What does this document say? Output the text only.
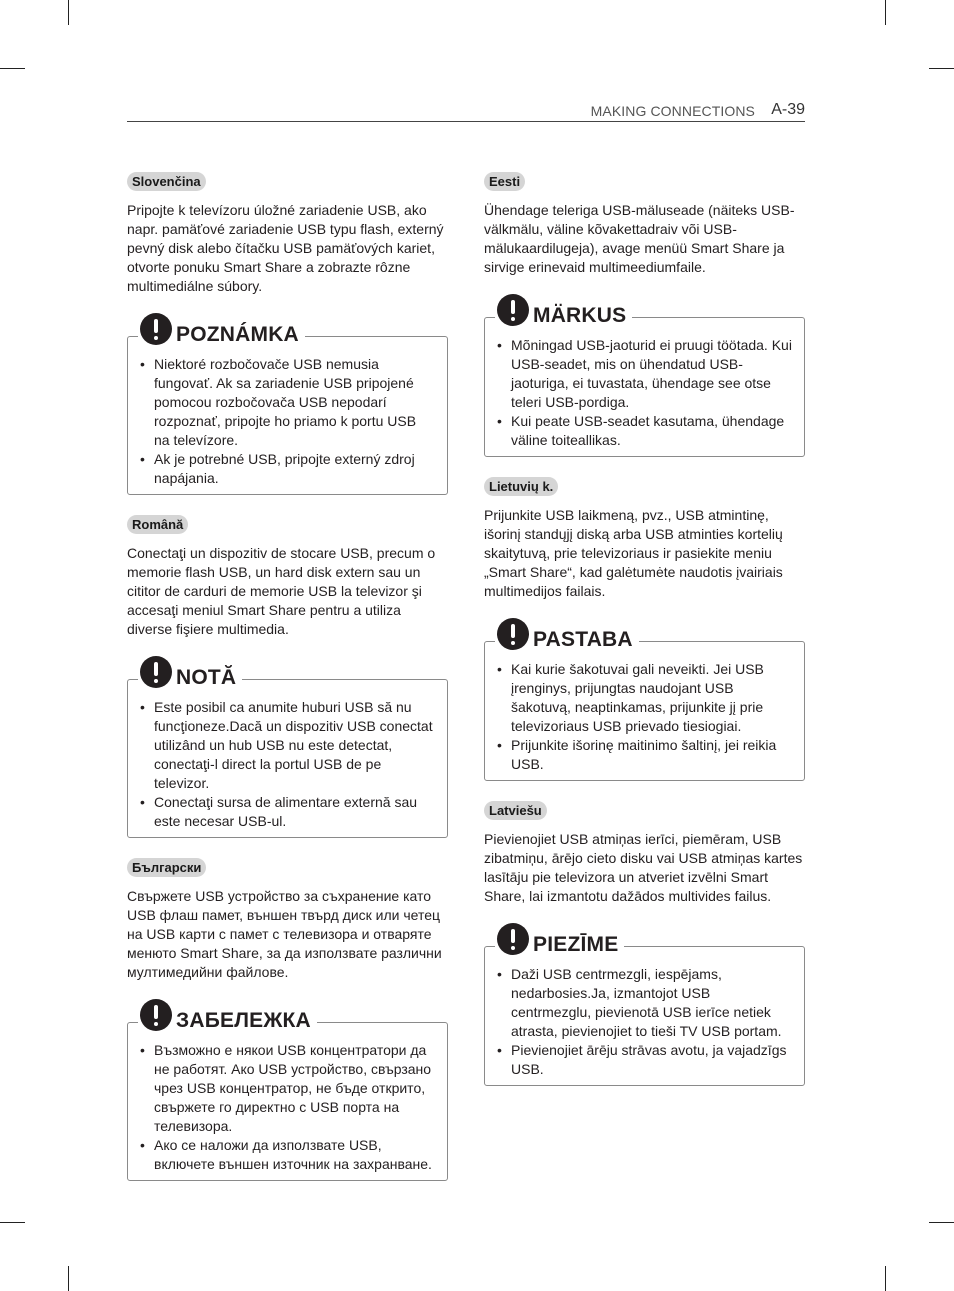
MAKING CONNECTIONS A-39
Slovenčina

Pripojte k televízoru úložné zariadenie USB, ako napr. pamäťové zariadenie USB typu flash, externý pevný disk alebo čítačku USB pamäťových kariet, otvorte ponuku Smart Share a zobrazte rôzne multimediálne súbory.

POZNÁMKA
• Niektoré rozbočovače USB nemusia fungovať. Ak sa zariadenie USB pripojené pomocou rozbočovača USB nepodarí rozpoznať, pripojte ho priamo k portu USB na televízore.
• Ak je potrebné USB, pripojte externý zdroj napájania.
Română

Conectaţi un dispozitiv de stocare USB, precum o memorie flash USB, un hard disk extern sau un cititor de carduri de memorie USB la televizor şi accesaţi meniul Smart Share pentru a utiliza diverse fişiere multimedia.

NOTĂ
• Este posibil ca anumite huburi USB să nu funcţioneze.Dacă un dispozitiv USB conectat utilizând un hub USB nu este detectat, conectaţi-l direct la portul USB de pe televizor.
• Conectaţi sursa de alimentare externă sau este necesar USB-ul.
Български

Свържете USB устройство за съхранение като USB флаш памет, външен твърд диск или четец на USB карти с памет с телевизора и отваряте менюто Smart Share, за да използвате различни мултимедийни файлове.

ЗАБЕЛЕЖКА
• Възможно е някои USB концентратори да не работят. Ако USB устройство, свързано чрез USB концентратор, не бъде открито, свържете го директно с USB порта на телевизора.
• Ако се наложи да използвате USB, включете външен източник на захранване.
Eesti

Ühendage teleriga USB-mäluseade (näiteks USB-välkmälu, väline kõvakettadraiv või USB-mälukaardilugeja), avage menüü Smart Share ja sirvige erinevaid multimeediumfaile.

MÄRKUS
• Mõningad USB-jaoturid ei pruugi töötada. Kui USB-seadet, mis on ühendatud USB-jaoturiga, ei tuvastata, ühendage see otse teleri USB-pordiga.
• Kui peate USB-seadet kasutama, ühendage väline toiteallikas.
Lietuvių k.

Prijunkite USB laikmeną, pvz., USB atmintinę, išorinį standųjį diską arba USB atminties kortelių skaitytuvą, prie televizoriaus ir pasiekite meniu „Smart Share“, kad galėtumėte naudotis įvairiais multimedijos failais.

PASTABA
• Kai kurie šakotuvai gali neveikti. Jei USB įrenginys, prijungtas naudojant USB šakotuvą, neaptinkamas, prijunkite jį prie televizoriaus USB prievado tiesiogiai.
• Prijunkite išorinę maitinimo šaltinį, jei reikia USB.
Latviešu

Pievienojiet USB atmiņas ierīci, piemēram, USB zibatmiņu, ārējo cieto disku vai USB atmiņas kartes lasītāju pie televizora un atveriet izvēlni Smart Share, lai izmantotu dažādos multivides failus.

PIEZĪME
• Daži USB centrmezgli, iespējams, nedarbosies.Ja, izmantojot USB centrmezglu, pievienotā USB ierīce netiek atrasta, pievienojiet to tieši TV USB portam.
• Pievienojiet ārēju strāvas avotu, ja vajadzīgs USB.
